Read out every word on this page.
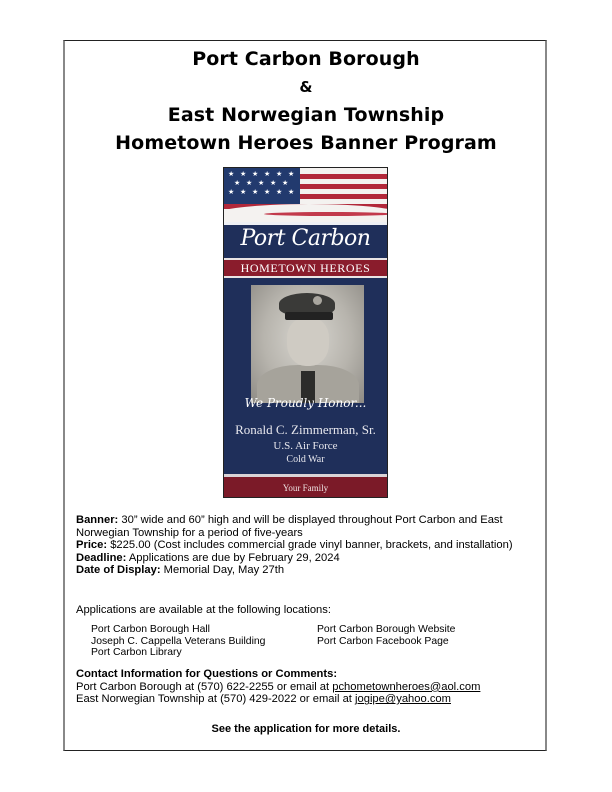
Port Carbon Borough
&
East Norwegian Township
Hometown Heroes Banner Program
★ ★ ★ ★ ★ ★
★ ★ ★ ★ ★
★ ★ ★ ★ ★ ★
Port Carbon
HOMETOWN HEROES
We Proudly Honor...
Ronald C. Zimmerman, Sr.
U.S. Air Force
Cold War
Your Family
Banner: 30” wide and 60” high and will be displayed throughout Port Carbon and East Norwegian Township for a period of five-years
Price: $225.00 (Cost includes commercial grade vinyl banner, brackets, and installation)
Deadline: Applications are due by February 29, 2024
Date of Display: Memorial Day, May 27th
Applications are available at the following locations:
Port Carbon Borough Hall
Joseph C. Cappella Veterans Building
Port Carbon Library
Port Carbon Borough Website
Port Carbon Facebook Page
Contact Information for Questions or Comments:
Port Carbon Borough at (570) 622-2255 or email at pchometownheroes@aol.com
East Norwegian Township at (570) 429-2022 or email at jogipe@yahoo.com
See the application for more details.
